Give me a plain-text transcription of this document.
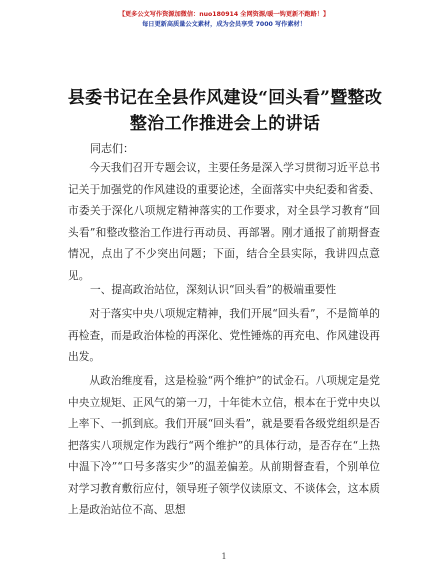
【更多公文写作资源加微信：nuo180914 全网资源/暖一钩更新不跑路！】
每日更新高质量公文素材，成为会员享受 7000 写作素材！
县委书记在全县作风建设“回头看”暨整改整治工作推进会上的讲话
同志们：

今天我们召开专题会议，主要任务是深入学习贯彻习近平总书记关于加强党的作风建设的重要论述，全面落实中央纪委和省委、市委关于深化八项规定精神落实的工作要求，对全县学习教育“回头看”和整改整治工作进行再动员、再部署。刚才通报了前期督查情况，点出了不少突出问题；下面，结合全县实际，我讲四点意见。

一、提高政治站位，深刻认识“回头看”的极端重要性

对于落实中央八项规定精神，我们开展“回头看”，不是简单的再检查，而是政治体检的再深化、党性锤炼的再充电、作风建设再出发。

从政治维度看，这是检验“两个维护”的试金石。八项规定是党中央立规矩、正风气的第一刀，十年徙木立信，根本在于党中央以上率下、一抓到底。我们开展“回头看”，就是要看各级党组织是否把落实八项规定作为践行“两个维护”的具体行动，是否存在“上热中温下冷”“口号多落实少”的温差偏差。从前期督查看，个别单位对学习教育敷衍应付，领导班子领学仪读原文、不谈体会，这本质上是政治站位不高、思想

1
